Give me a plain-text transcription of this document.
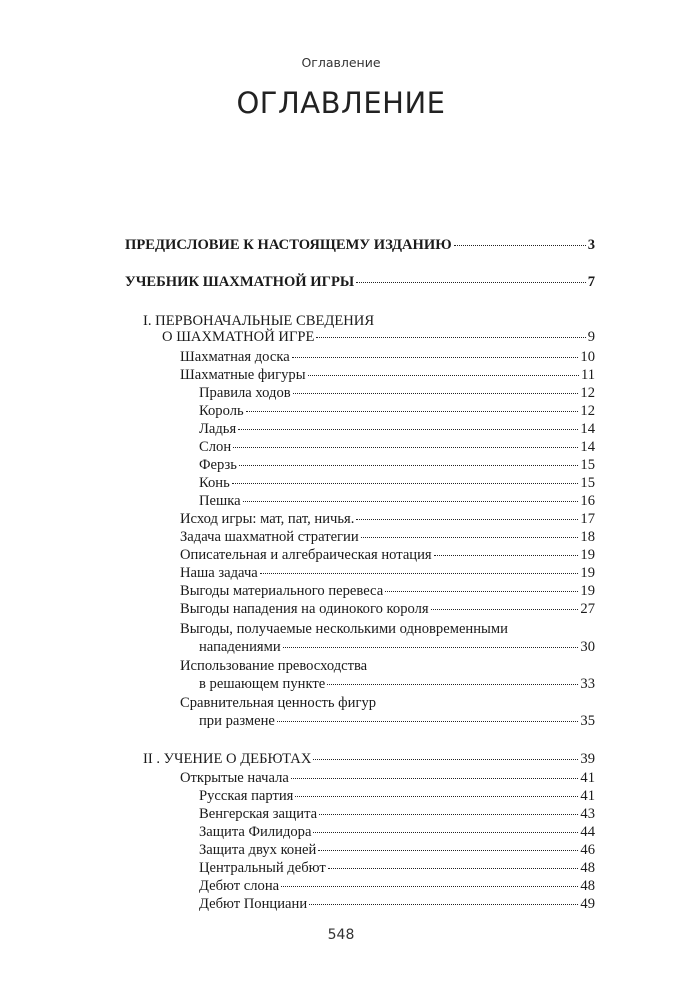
Оглавление
ОГЛАВЛЕНИЕ
ПРЕДИСЛОВИЕ К НАСТОЯЩЕМУ ИЗДАНИЮ	3
УЧЕБНИК ШАХМАТНОЙ ИГРЫ	7
I. ПЕРВОНАЧАЛЬНЫЕ СВЕДЕНИЯ
О ШАХМАТНОЙ ИГРЕ	9
Шахматная доска	10
Шахматные фигуры	11
Правила ходов	12
Король	12
Ладья	14
Слон	14
Ферзь	15
Конь	15
Пешка	16
Исход игры: мат, пат, ничья.	17
Задача шахматной стратегии	18
Описательная и алгебраическая нотация	19
Наша задача	19
Выгоды материального перевеса	19
Выгоды нападения на одинокого короля	27
Выгоды, получаемые несколькими одновременными
нападениями	30
Использование превосходства
в решающем пункте	33
Сравнительная ценность фигур
при размене	35
II . УЧЕНИЕ О ДЕБЮТАХ	39
Открытые начала	41
Русская партия	41
Венгерская защита	43
Защита Филидора	44
Защита двух коней	46
Центральный дебют	48
Дебют слона	48
Дебют Понциани	49
548
